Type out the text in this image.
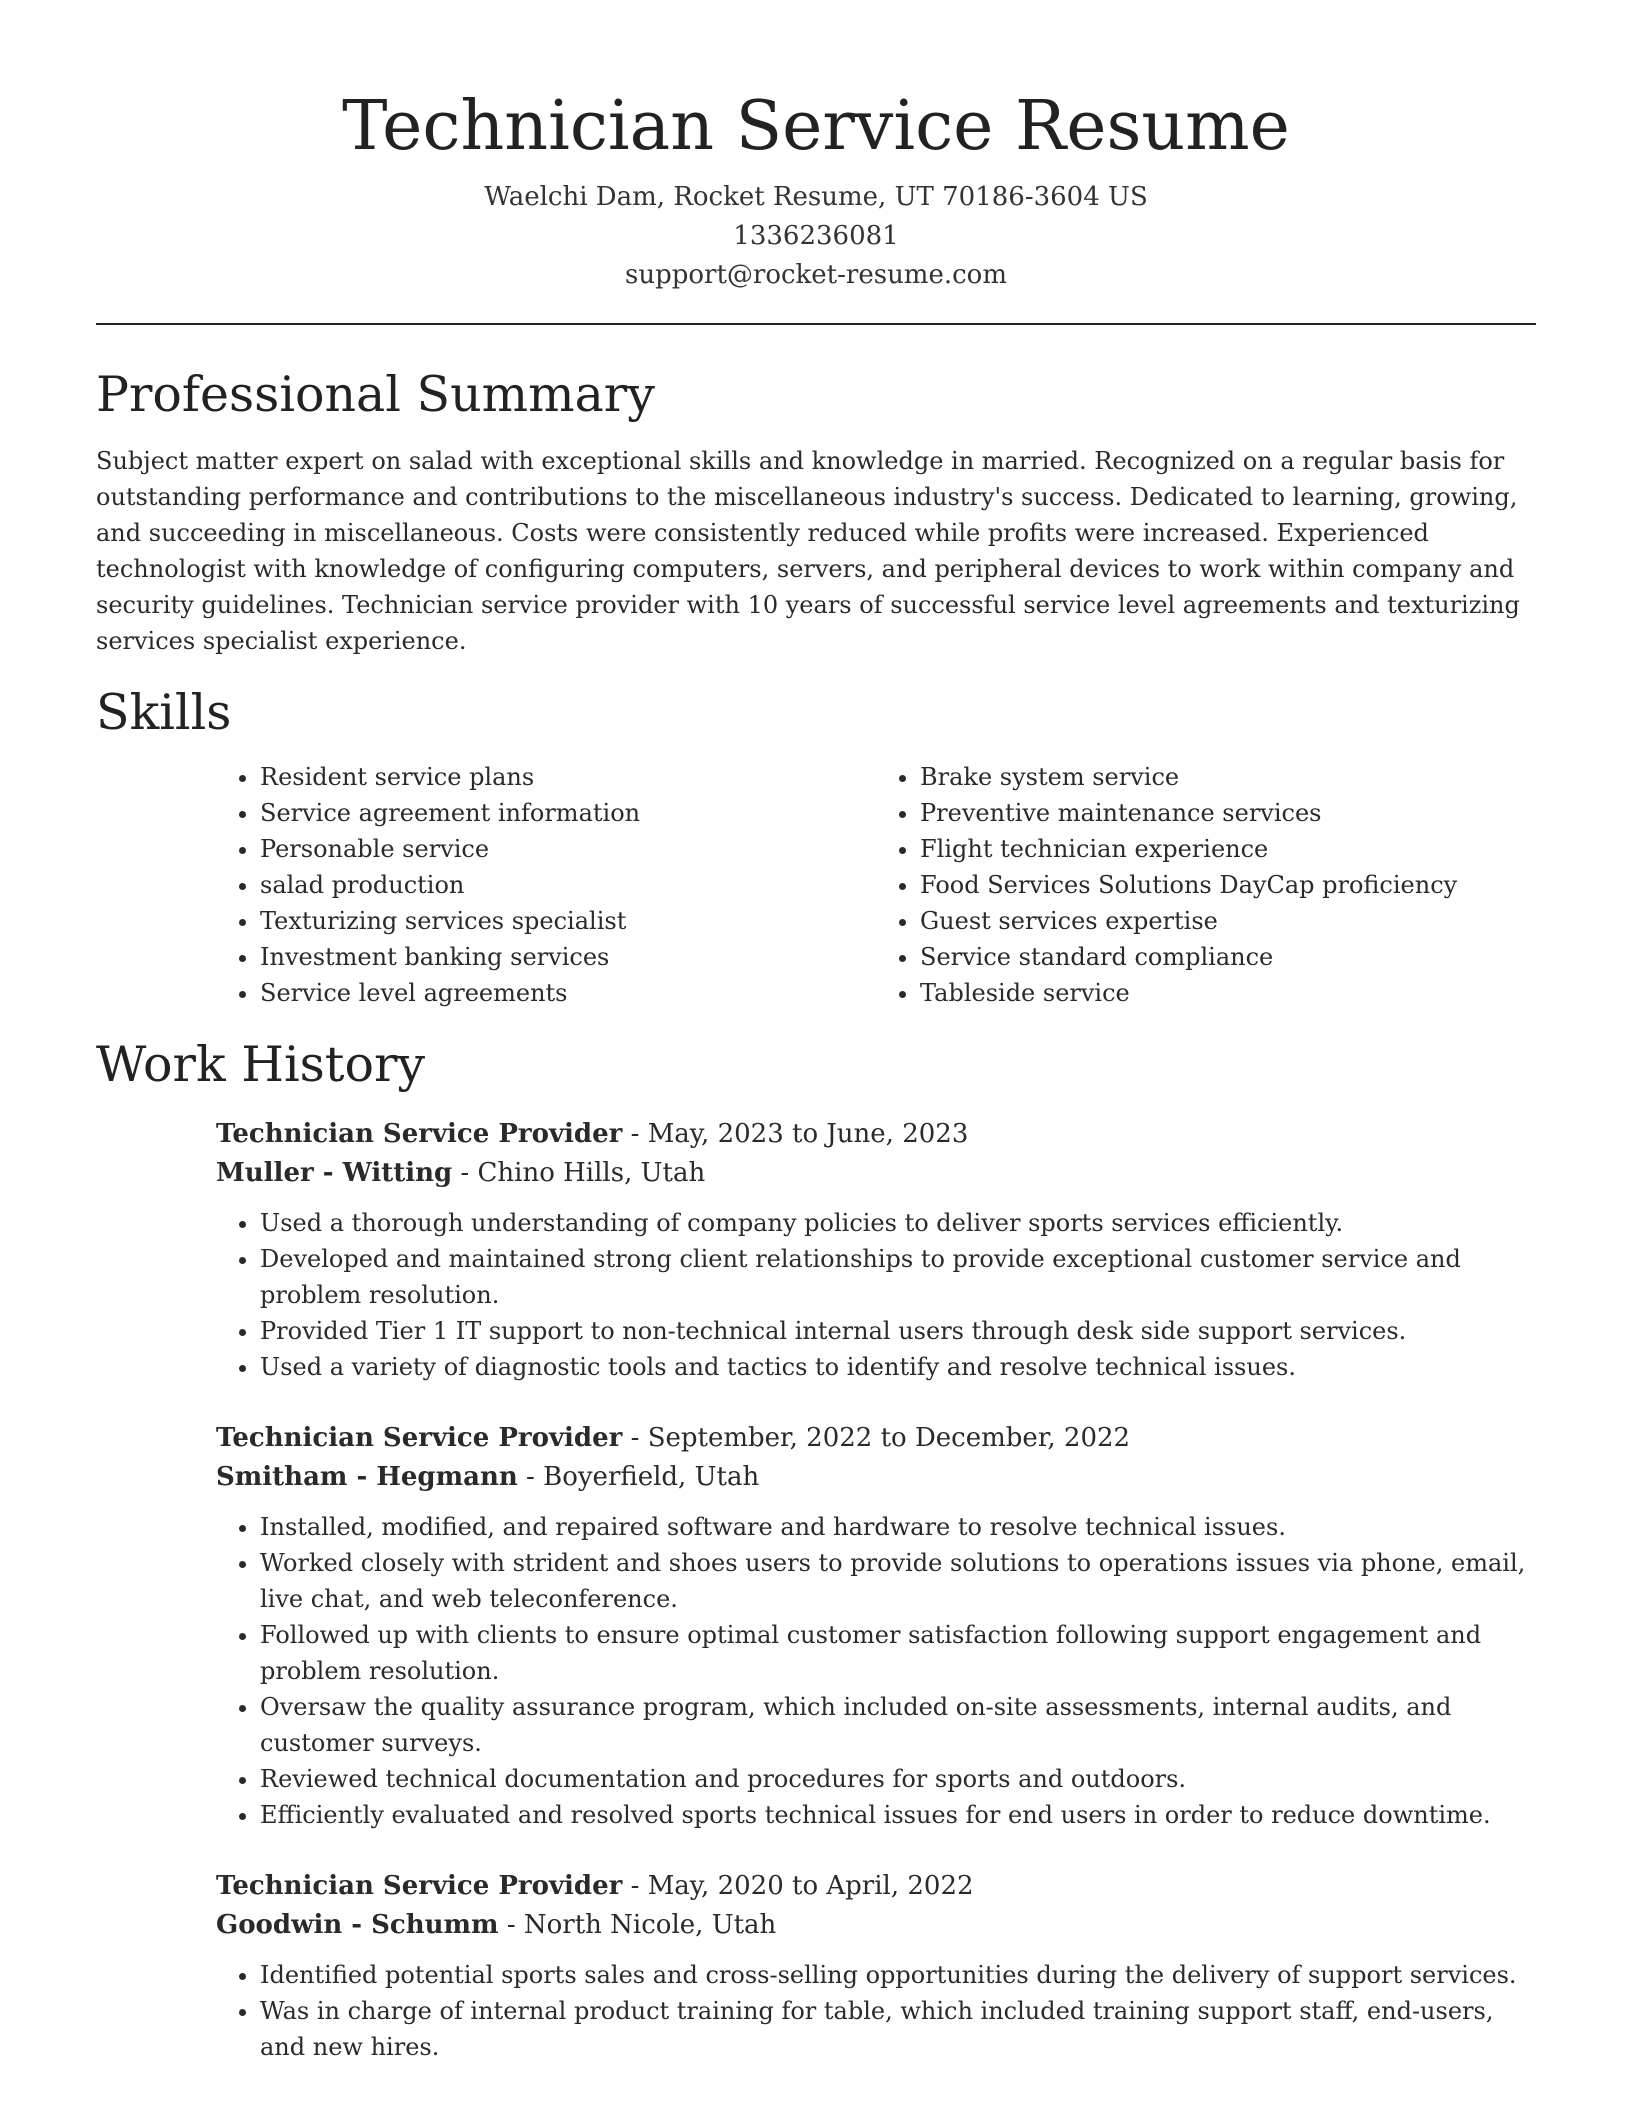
Technician Service Resume
Waelchi Dam, Rocket Resume, UT 70186-3604 US
1336236081
support@rocket-resume.com
Professional Summary

Subject matter expert on salad with exceptional skills and knowledge in married. Recognized on a regular basis for outstanding performance and contributions to the miscellaneous industry's success. Dedicated to learning, growing, and succeeding in miscellaneous. Costs were consistently reduced while profits were increased. Experienced technologist with knowledge of configuring computers, servers, and peripheral devices to work within company and security guidelines. Technician service provider with 10 years of successful service level agreements and texturizing services specialist experience.

Skills
• Resident service plans
• Service agreement information
• Personable service
• salad production
• Texturizing services specialist
• Investment banking services
• Service level agreements
• Brake system service
• Preventive maintenance services
• Flight technician experience
• Food Services Solutions DayCap proficiency
• Guest services expertise
• Service standard compliance
• Tableside service
Work History
Technician Service Provider - May, 2023 to June, 2023
Muller - Witting - Chino Hills, Utah
• Used a thorough understanding of company policies to deliver sports services efficiently.
• Developed and maintained strong client relationships to provide exceptional customer service and problem resolution.
• Provided Tier 1 IT support to non-technical internal users through desk side support services.
• Used a variety of diagnostic tools and tactics to identify and resolve technical issues.
Technician Service Provider - September, 2022 to December, 2022
Smitham - Hegmann - Boyerfield, Utah
• Installed, modified, and repaired software and hardware to resolve technical issues.
• Worked closely with strident and shoes users to provide solutions to operations issues via phone, email, live chat, and web teleconference.
• Followed up with clients to ensure optimal customer satisfaction following support engagement and problem resolution.
• Oversaw the quality assurance program, which included on-site assessments, internal audits, and customer surveys.
• Reviewed technical documentation and procedures for sports and outdoors.
• Efficiently evaluated and resolved sports technical issues for end users in order to reduce downtime.
Technician Service Provider - May, 2020 to April, 2022
Goodwin - Schumm - North Nicole, Utah
• Identified potential sports sales and cross-selling opportunities during the delivery of support services.
• Was in charge of internal product training for table, which included training support staff, end-users, and new hires.
